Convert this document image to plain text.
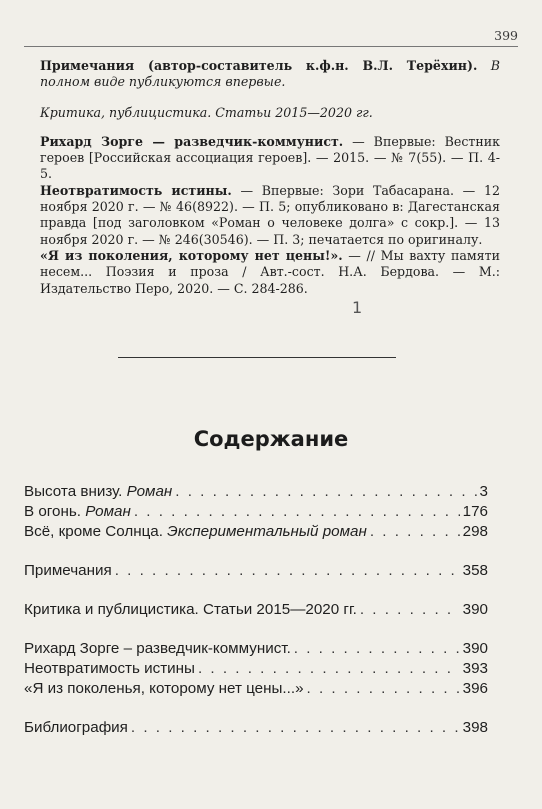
399

Примечания (автор-составитель к.ф.н. В.Л. Терёхин). В полном виде публикуются впервые.

Критика, публицистика. Статьи 2015—2020 гг.

Рихард Зорге — разведчик-коммунист. — Впервые: Вестник героев [Российская ассоциация героев]. — 2015. — № 7(55). — П. 4-5.

Неотвратимость истины. — Впервые: Зори Табасарана. — 12 ноября 2020 г. — № 46(8922). — П. 5; опубликовано в: Дагестанская правда [под заголовком «Роман о человеке долга» с сокр.]. — 13 ноября 2020 г. — № 246(30546). — П. 3; печатается по оригиналу.

«Я из поколения, которому нет цены!». — // Мы вахту памяти несем... Поэзия и проза / Авт.-сост. Н.А. Бердова. — М.: Издательство Перо, 2020. — С. 284-286.

1
Содержание
Высота внизу. Роман . . .	3
В огонь. Роман . . .	176
Всё, кроме Солнца. Экспериментальный роман . . .	298
Примечания . . .	358
Критика и публицистика. Статьи 2015—2020 гг. . . .	390
Рихард Зорге – разведчик-коммунист. . . .	390
Неотвратимость истины . . .	393
«Я из поколенья, которому нет цены...» . . .	396
Библиография . . .	398
